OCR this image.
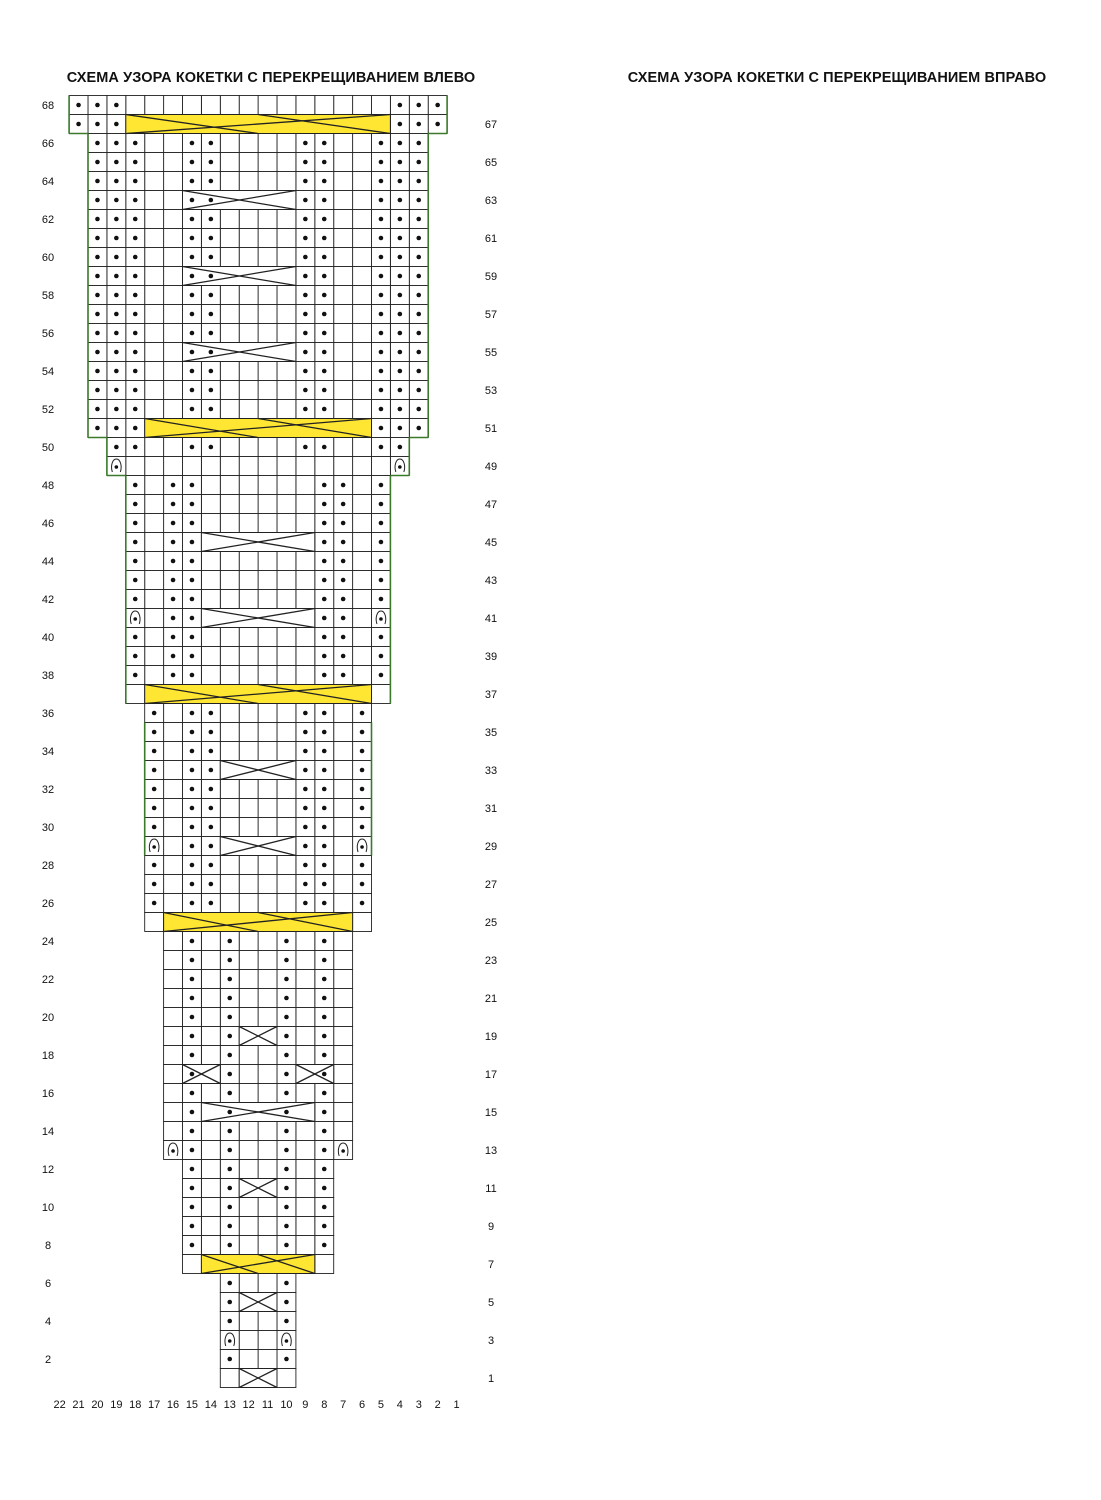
СХЕМА УЗОРА КОКЕТКИ С ПЕРЕКРЕЩИВАНИЕМ ВЛЕВО
68
66
64
62
60
58
56
54
52
50
48
46
44
42
40
38
36
34
32
30
28
26
24
22
20
18
16
14
12
10
8
6
4
2
67
65
63
61
59
57
55
53
51
49
47
45
43
41
39
37
35
33
31
29
27
25
23
21
19
17
15
13
11
9
7
5
3
1
22 21 20 19 18 17 16 15 14 13 12 11 10 9 8 7 6 5 4 3 2 1
СХЕМА УЗОРА КОКЕТКИ С ПЕРЕКРЕЩИВАНИЕМ ВПРАВО
